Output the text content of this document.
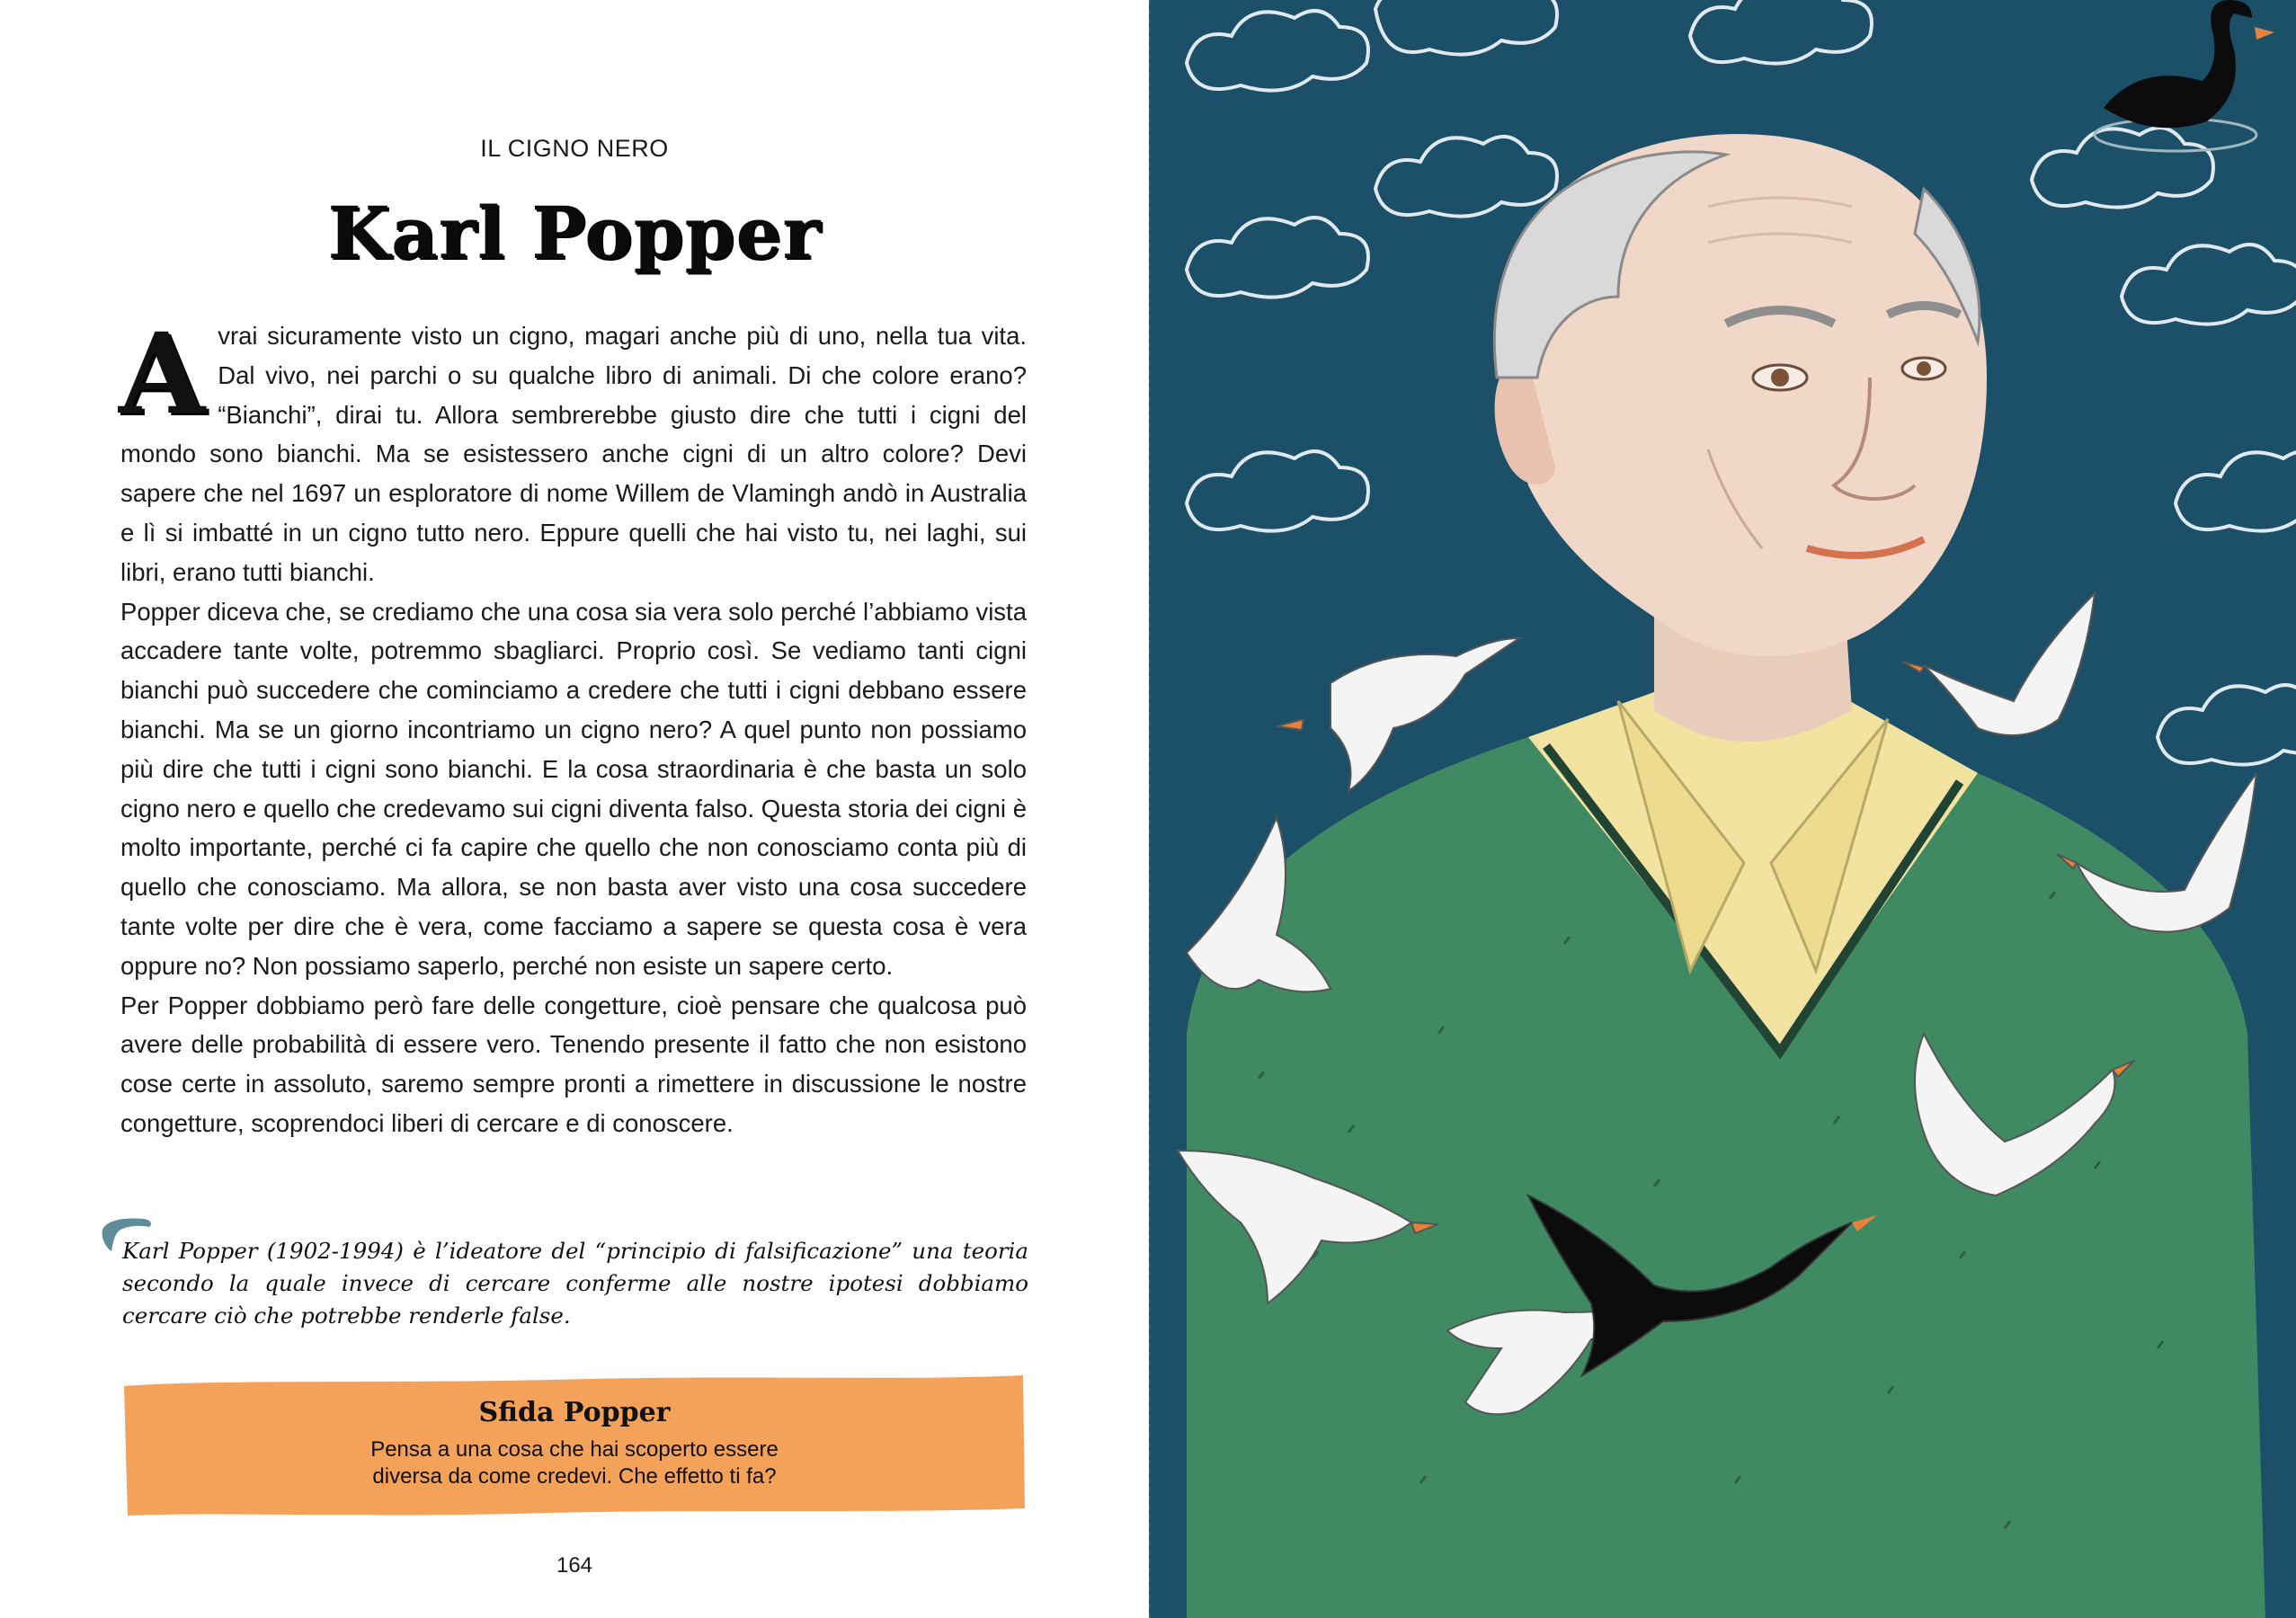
IL CIGNO NERO
Karl Popper
A vrai sicuramente visto un cigno, magari anche più di uno, nella tua vita. Dal vivo, nei parchi o su qualche libro di animali. Di che colore erano? “Bianchi”, dirai tu. Allora sembrerebbe giusto dire che tutti i cigni del mondo sono bianchi. Ma se esistessero anche cigni di un altro colore? Devi sapere che nel 1697 un esploratore di nome Willem de Vlamingh andò in Australia e lì si imbatté in un cigno tutto nero. Eppure quelli che hai visto tu, nei laghi, sui libri, erano tutti bianchi.

Popper diceva che, se crediamo che una cosa sia vera solo perché l’abbiamo vista accadere tante volte, potremmo sbagliarci. Proprio così. Se vediamo tanti cigni bianchi può succedere che cominciamo a credere che tutti i cigni debbano essere bianchi. Ma se un giorno incontriamo un cigno nero? A quel punto non possiamo più dire che tutti i cigni sono bianchi. E la cosa straordinaria è che basta un solo cigno nero e quello che credevamo sui cigni diventa falso. Questa storia dei cigni è molto importante, perché ci fa capire che quello che non conosciamo conta più di quello che conosciamo. Ma allora, se non basta aver visto una cosa succedere tante volte per dire che è vera, come facciamo a sapere se questa cosa è vera oppure no? Non possiamo saperlo, perché non esiste un sapere certo.

Per Popper dobbiamo però fare delle congetture, cioè pensare che qualcosa può avere delle probabilità di essere vero. Tenendo presente il fatto che non esistono cose certe in assoluto, saremo sempre pronti a rimettere in discussione le nostre congetture, scoprendoci liberi di cercare e di conoscere.

Karl Popper (1902-1994) è l’ideatore del “principio di falsificazione” una teoria secondo la quale invece di cercare conferme alle nostre ipotesi dobbiamo cercare ciò che potrebbe renderle false.
Sfida Popper
Pensa a una cosa che hai scoperto essere
diversa da come credevi. Che effetto ti fa?
164
